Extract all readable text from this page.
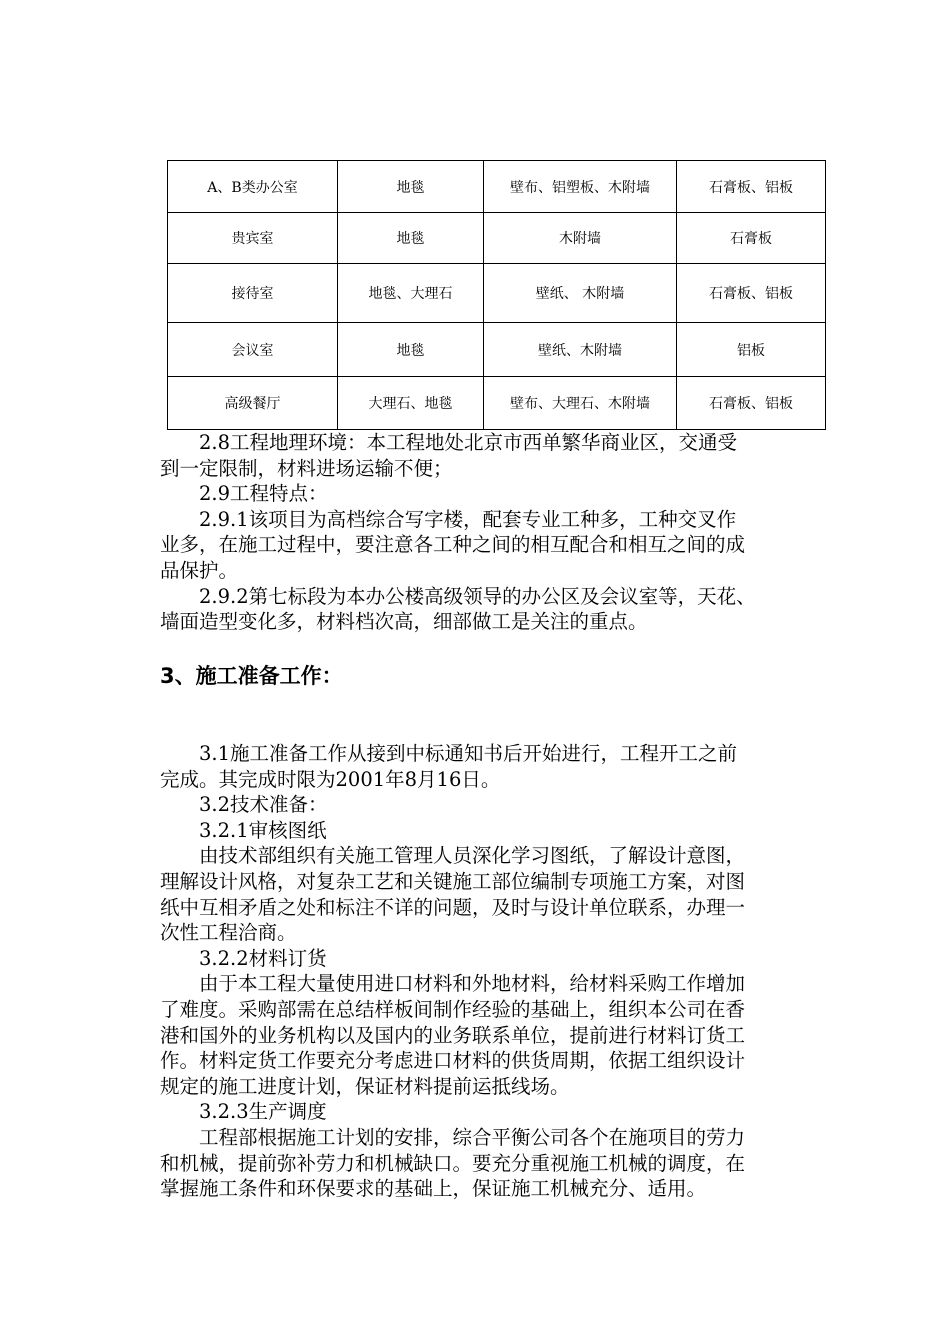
A、B类办公室	地毯	壁布、铝塑板、木附墙	石膏板、铝板
贵宾室	地毯	木附墙	石膏板
接待室	地毯、大理石	壁纸、 木附墙	石膏板、铝板
会议室	地毯	壁纸、木附墙	铝板
高级餐厅	大理石、地毯	壁布、大理石、木附墙	石膏板、铝板
　　2.8工程地理环境：本工程地处北京市西单繁华商业区，交通受
到一定限制，材料进场运输不便；
　　2.9工程特点：
　　2.9.1该项目为高档综合写字楼，配套专业工种多，工种交叉作
业多，在施工过程中，要注意各工种之间的相互配合和相互之间的成
品保护。
　　2.9.2第七标段为本办公楼高级领导的办公区及会议室等，天花、
墙面造型变化多，材料档次高，细部做工是关注的重点。
3、施工准备工作：
　　3.1施工准备工作从接到中标通知书后开始进行，工程开工之前
完成。其完成时限为2001年8月16日。
　　3.2技术准备：
　　3.2.1审核图纸
　　由技术部组织有关施工管理人员深化学习图纸，了解设计意图，
理解设计风格，对复杂工艺和关键施工部位编制专项施工方案，对图
纸中互相矛盾之处和标注不详的问题，及时与设计单位联系，办理一
次性工程洽商。
　　3.2.2材料订货
　　由于本工程大量使用进口材料和外地材料，给材料采购工作增加
了难度。采购部需在总结样板间制作经验的基础上，组织本公司在香
港和国外的业务机构以及国内的业务联系单位，提前进行材料订货工
作。材料定货工作要充分考虑进口材料的供货周期，依据工组织设计
规定的施工进度计划，保证材料提前运抵线场。
　　3.2.3生产调度
　　工程部根据施工计划的安排，综合平衡公司各个在施项目的劳力
和机械，提前弥补劳力和机械缺口。要充分重视施工机械的调度，在
掌握施工条件和环保要求的基础上，保证施工机械充分、适用。
